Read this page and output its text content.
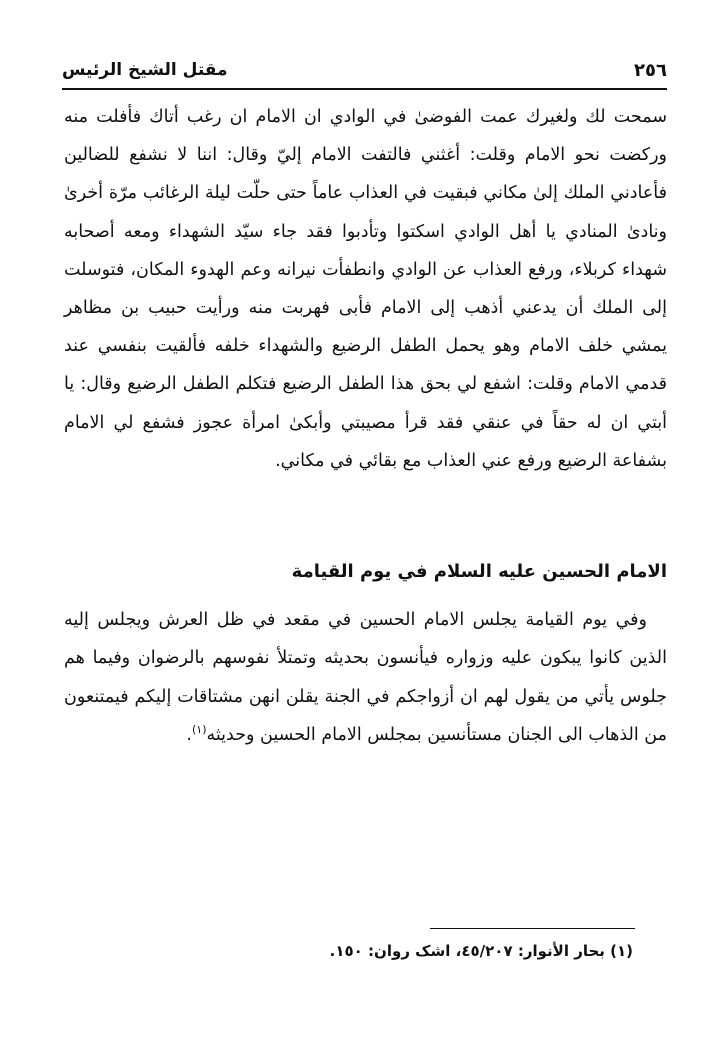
٢٥٦
مقتل الشيخ الرئيس

سمحت لك ولغيرك عمت الفوضىٰ في الوادي ان الامام ان رغب أتاك فأفلت منه وركضت نحو الامام وقلت: أغثني فالتفت الامام إليّ وقال: اننا لا نشفع للضالين فأعادني الملك إلىٰ مكاني فبقيت في العذاب عاماً حتى حلّت ليلة الرغائب مرّة أخرىٰ ونادىٰ المنادي يا أهل الوادي اسكتوا وتأدبوا فقد جاء سيّد الشهداء ومعه أصحابه شهداء كربلاء، ورفع العذاب عن الوادي وانطفأت نيرانه وعم الهدوء المكان، فتوسلت إلى الملك أن يدعني أذهب إلى الامام فأبى فهربت منه ورأيت حبيب بن مظاهر يمشي خلف الامام وهو يحمل الطفل الرضيع والشهداء خلفه فألقيت بنفسي عند قدمي الامام وقلت: اشفع لي بحق هذا الطفل الرضيع فتكلم الطفل الرضيع وقال: يا أبتي ان له حقاً في عنقي فقد قرأ مصيبتي وأبكىٰ امرأة عجوز فشفع لي الامام بشفاعة الرضيع ورفع عني العذاب مع بقائي في مكاني.

الامام الحسين‏ عليه السلام في يوم القيامة

وفي يوم القيامة يجلس الامام الحسين في مقعد في ظل العرش ويجلس إليه الذين كانوا يبكون عليه وزواره فيأنسون بحديثه وتمتلأ نفوسهم بالرضوان وفيما هم جلوس يأتي من يقول لهم ان أزواجكم في الجنة يقلن انهن مشتاقات إليكم فيمتنعون من الذهاب الى الجنان مستأنسين بمجلس الامام الحسين وحديثه$^{(١)}$.

(١) بحار الأنوار: ٤٥/٢٠٧، اشک روان: ١٥٠.
